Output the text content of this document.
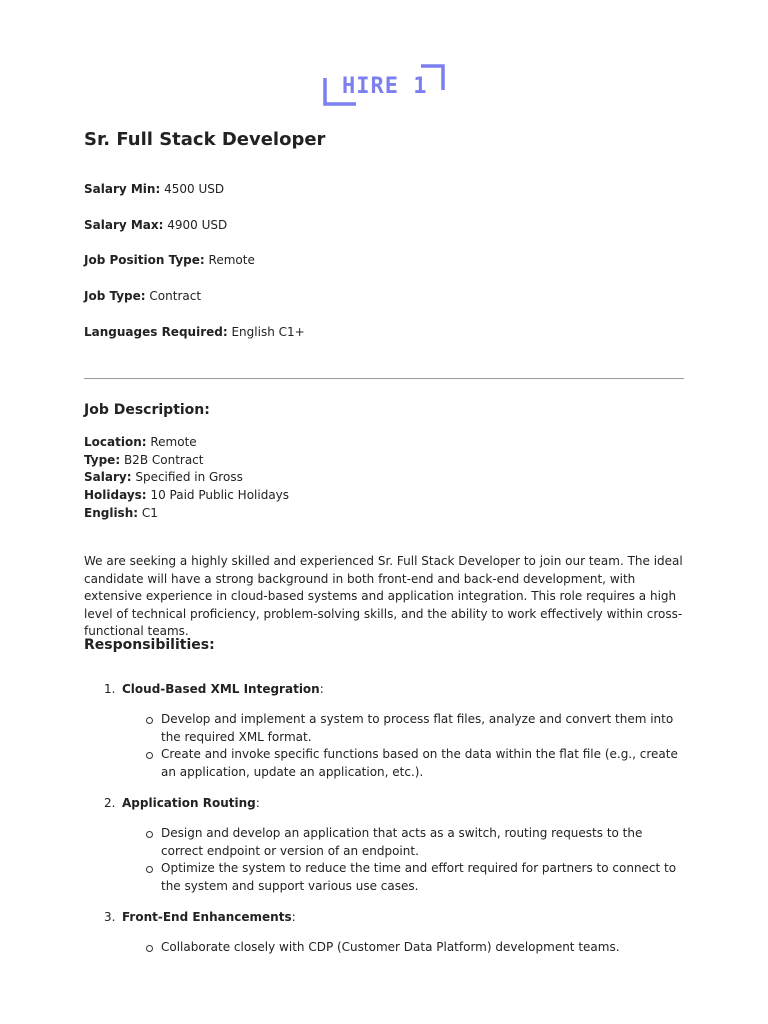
HIRE 1
Sr. Full Stack Developer

Salary Min: 4500 USD

Salary Max: 4900 USD

Job Position Type: Remote

Job Type: Contract

Languages Required: English C1+

Job Description:
Location: Remote
Type: B2B Contract
Salary: Specified in Gross
Holidays: 10 Paid Public Holidays
English: C1

We are seeking a highly skilled and experienced Sr. Full Stack Developer to join our team. The ideal candidate will have a strong background in both front-end and back-end development, with extensive experience in cloud-based systems and application integration. This role requires a high level of technical proficiency, problem-solving skills, and the ability to work effectively within cross-functional teams.

Responsibilities:
1. Cloud-Based XML Integration:
Develop and implement a system to process flat files, analyze and convert them into the required XML format.
Create and invoke specific functions based on the data within the flat file (e.g., create an application, update an application, etc.).
2. Application Routing:
Design and develop an application that acts as a switch, routing requests to the correct endpoint or version of an endpoint.
Optimize the system to reduce the time and effort required for partners to connect to the system and support various use cases.
3. Front-End Enhancements:
Collaborate closely with CDP (Customer Data Platform) development teams.
